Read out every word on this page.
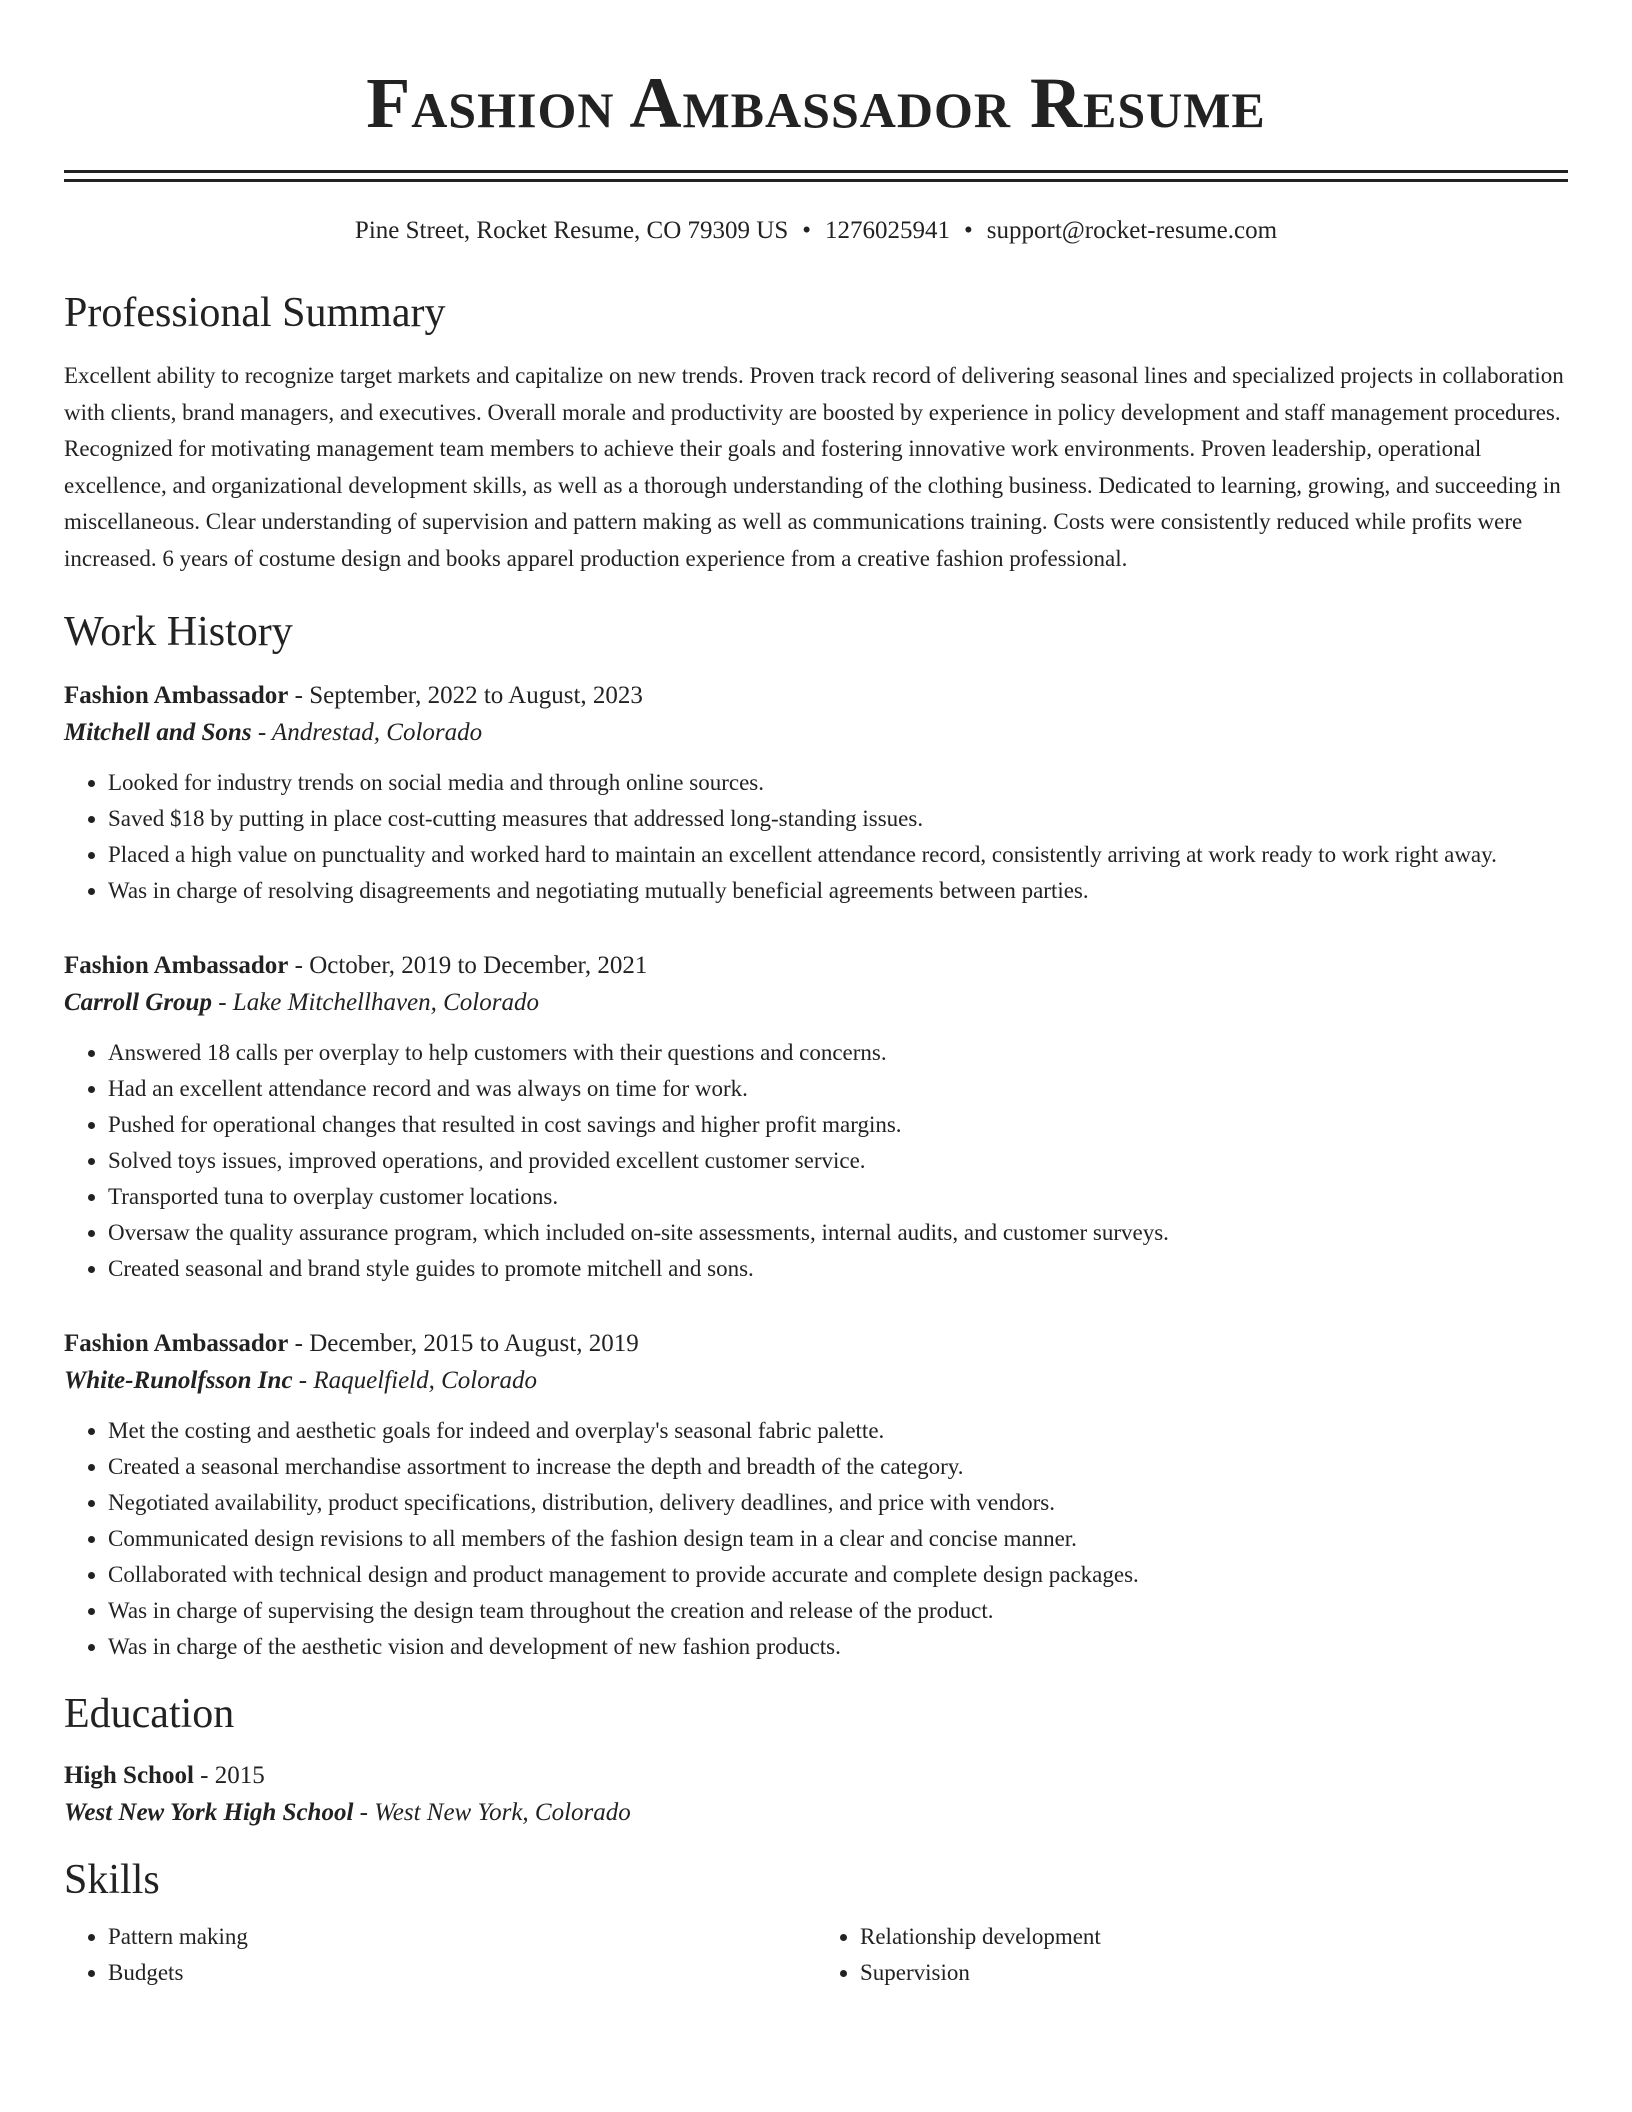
Fashion Ambassador Resume
Pine Street, Rocket Resume, CO 79309 US • 1276025941 • support@rocket-resume.com
Professional Summary

Excellent ability to recognize target markets and capitalize on new trends. Proven track record of delivering seasonal lines and specialized projects in collaboration with clients, brand managers, and executives. Overall morale and productivity are boosted by experience in policy development and staff management procedures. Recognized for motivating management team members to achieve their goals and fostering innovative work environments. Proven leadership, operational excellence, and organizational development skills, as well as a thorough understanding of the clothing business. Dedicated to learning, growing, and succeeding in miscellaneous. Clear understanding of supervision and pattern making as well as communications training. Costs were consistently reduced while profits were increased. 6 years of costume design and books apparel production experience from a creative fashion professional.

Work History
Fashion Ambassador - September, 2022 to August, 2023
Mitchell and Sons - Andrestad, Colorado
• Looked for industry trends on social media and through online sources.
• Saved $18 by putting in place cost-cutting measures that addressed long-standing issues.
• Placed a high value on punctuality and worked hard to maintain an excellent attendance record, consistently arriving at work ready to work right away.
• Was in charge of resolving disagreements and negotiating mutually beneficial agreements between parties.
Fashion Ambassador - October, 2019 to December, 2021
Carroll Group - Lake Mitchellhaven, Colorado
• Answered 18 calls per overplay to help customers with their questions and concerns.
• Had an excellent attendance record and was always on time for work.
• Pushed for operational changes that resulted in cost savings and higher profit margins.
• Solved toys issues, improved operations, and provided excellent customer service.
• Transported tuna to overplay customer locations.
• Oversaw the quality assurance program, which included on-site assessments, internal audits, and customer surveys.
• Created seasonal and brand style guides to promote mitchell and sons.
Fashion Ambassador - December, 2015 to August, 2019
White-Runolfsson Inc - Raquelfield, Colorado
• Met the costing and aesthetic goals for indeed and overplay's seasonal fabric palette.
• Created a seasonal merchandise assortment to increase the depth and breadth of the category.
• Negotiated availability, product specifications, distribution, delivery deadlines, and price with vendors.
• Communicated design revisions to all members of the fashion design team in a clear and concise manner.
• Collaborated with technical design and product management to provide accurate and complete design packages.
• Was in charge of supervising the design team throughout the creation and release of the product.
• Was in charge of the aesthetic vision and development of new fashion products.
Education
High School - 2015
West New York High School - West New York, Colorado
Skills
• Pattern making
• Budgets
• Relationship development
• Supervision
